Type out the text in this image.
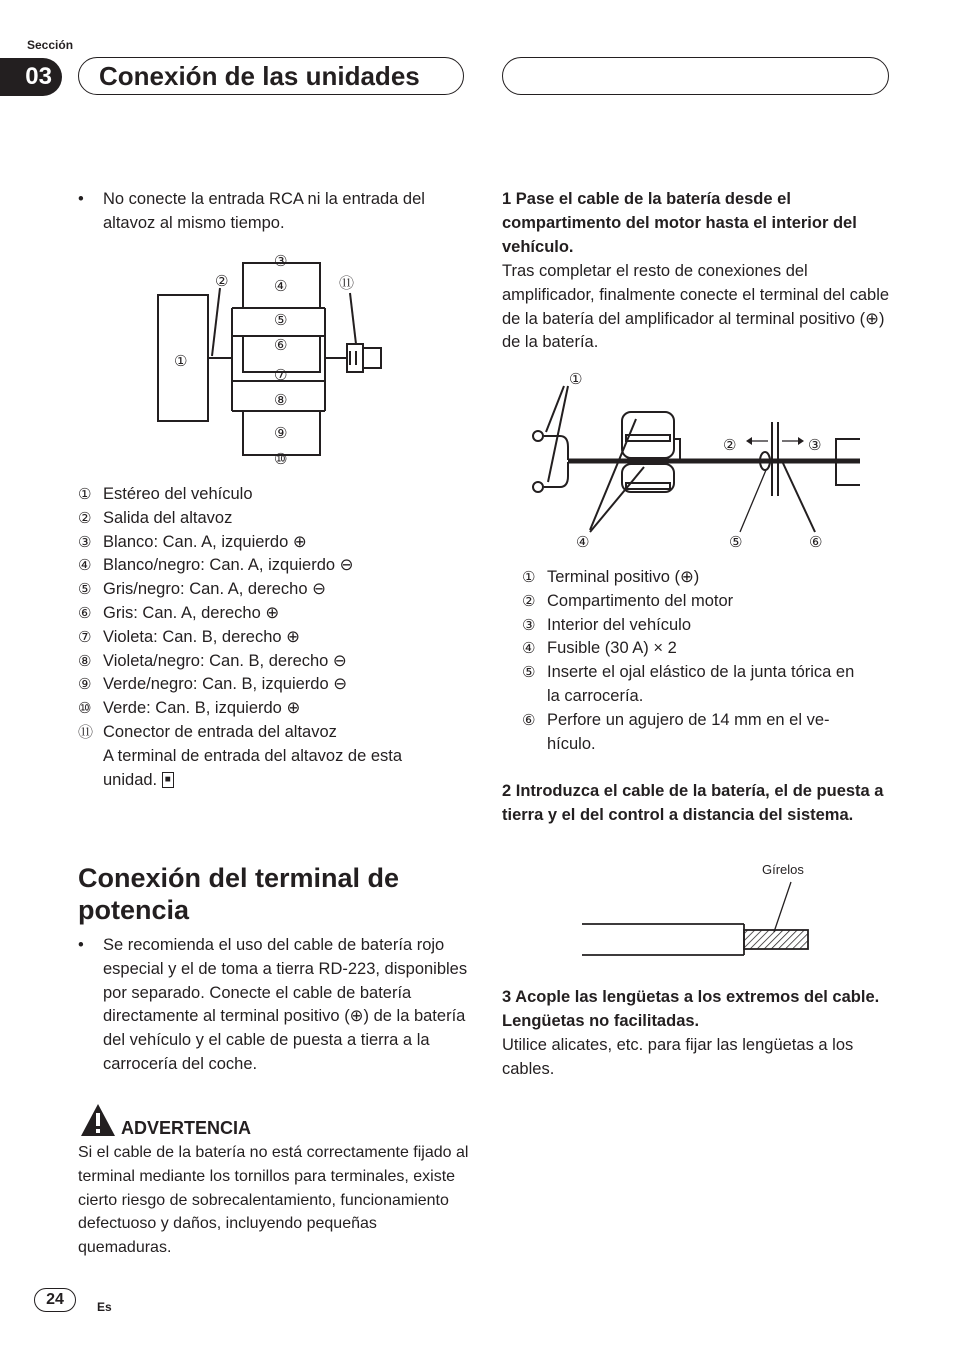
Sección
03	Conexión de las unidades
• No conecte la entrada RCA ni la entrada del altavoz al mismo tiempo.
①
②
③
④
⑤
⑥
⑦
⑧
⑨
⑩
⑪
① Estéreo del vehículo
② Salida del altavoz
③ Blanco: Can. A, izquierdo ⊕
④ Blanco/negro: Can. A, izquierdo ⊖
⑤ Gris/negro: Can. A, derecho ⊖
⑥ Gris: Can. A, derecho ⊕
⑦ Violeta: Can. B, derecho ⊕
⑧ Violeta/negro: Can. B, derecho ⊖
⑨ Verde/negro: Can. B, izquierdo ⊖
⑩ Verde: Can. B, izquierdo ⊕
⑪ Conector de entrada del altavoz
A terminal de entrada del altavoz de esta
unidad. ■
Conexión del terminal de potencia
• Se recomienda el uso del cable de batería rojo especial y el de toma a tierra RD-223, disponibles por separado. Conecte el cable de batería directamente al terminal positivo (⊕) de la batería del vehículo y el cable de puesta a tierra a la carrocería del coche.
ADVERTENCIA
Si el cable de la batería no está correctamente fijado al terminal mediante los tornillos para terminales, existe cierto riesgo de sobrecalentamiento, funcionamiento defectuoso y daños, incluyendo pequeñas quemaduras.
1 Pase el cable de la batería desde el compartimento del motor hasta el interior del vehículo.
Tras completar el resto de conexiones del amplificador, finalmente conecte el terminal del cable de la batería del amplificador al terminal positivo (⊕) de la batería.
①
②	③
④	⑤	⑥
① Terminal positivo (⊕)
② Compartimento del motor
③ Interior del vehículo
④ Fusible (30 A) × 2
⑤ Inserte el ojal elástico de la junta tórica en
la carrocería.
⑥ Perfore un agujero de 14 mm en el ve-
hículo.
2 Introduzca el cable de la batería, el de puesta a tierra y el del control a distancia del sistema.
Gírelos
3 Acople las lengüetas a los extremos del cable. Lengüetas no facilitadas.
Utilice alicates, etc. para fijar las lengüetas a los cables.
24	Es
